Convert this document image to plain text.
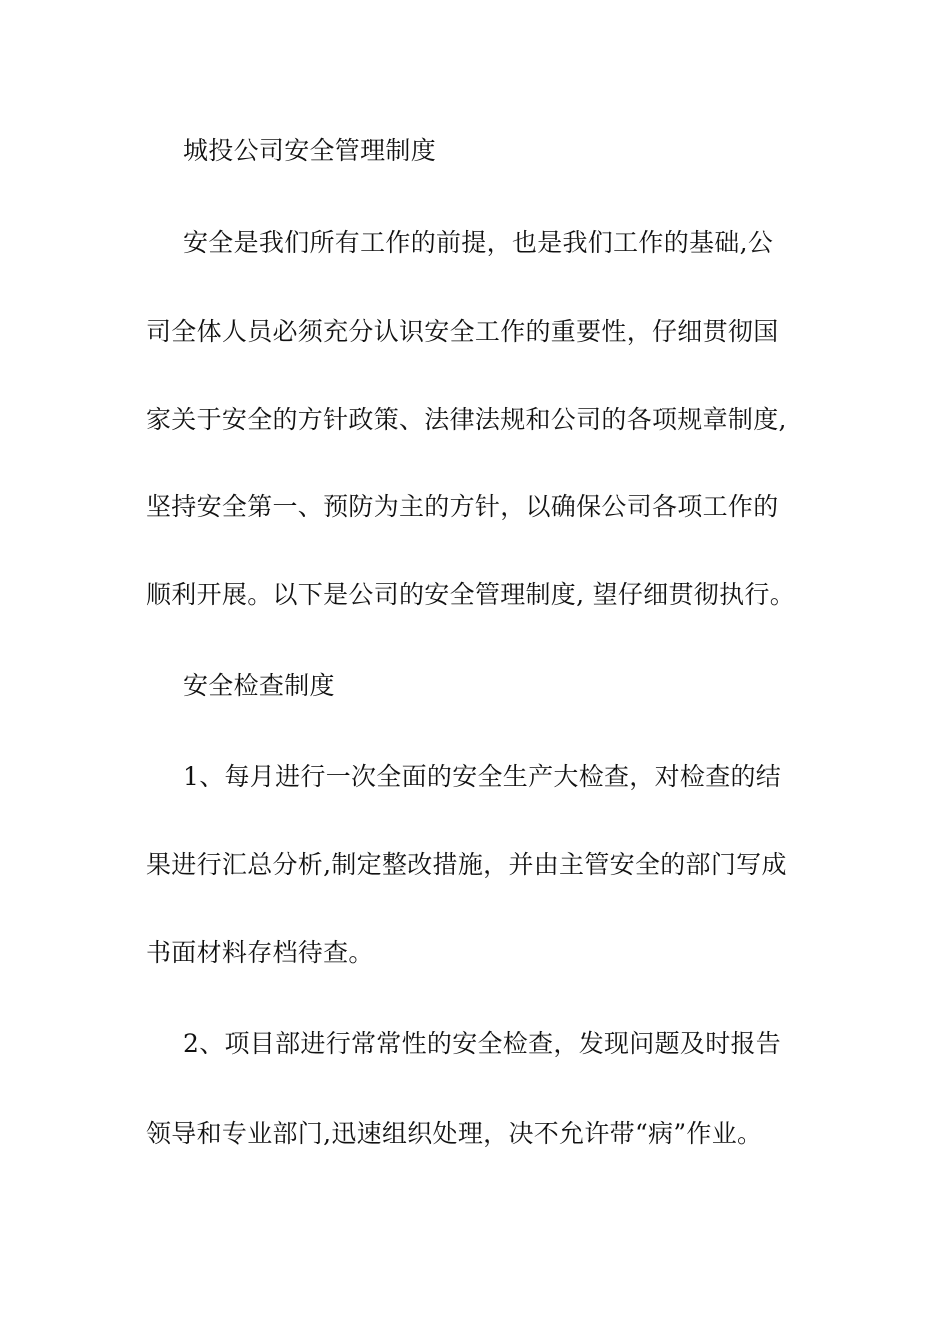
城投公司安全管理制度
安全是我们所有工作的前提，也是我们工作的基础,公
司全体人员必须充分认识安全工作的重要性，仔细贯彻国
家关于安全的方针政策、法律法规和公司的各项规章制度,
坚持安全第一、预防为主的方针，以确保公司各项工作的
顺利开展。以下是公司的安全管理制度, 望仔细贯彻执行。
安全检查制度
1、每月进行一次全面的安全生产大检查，对检查的结
果进行汇总分析,制定整改措施，并由主管安全的部门写成
书面材料存档待查。
2、项目部进行常常性的安全检查，发现问题及时报告
领导和专业部门,迅速组织处理，决不允许带“病”作业。
